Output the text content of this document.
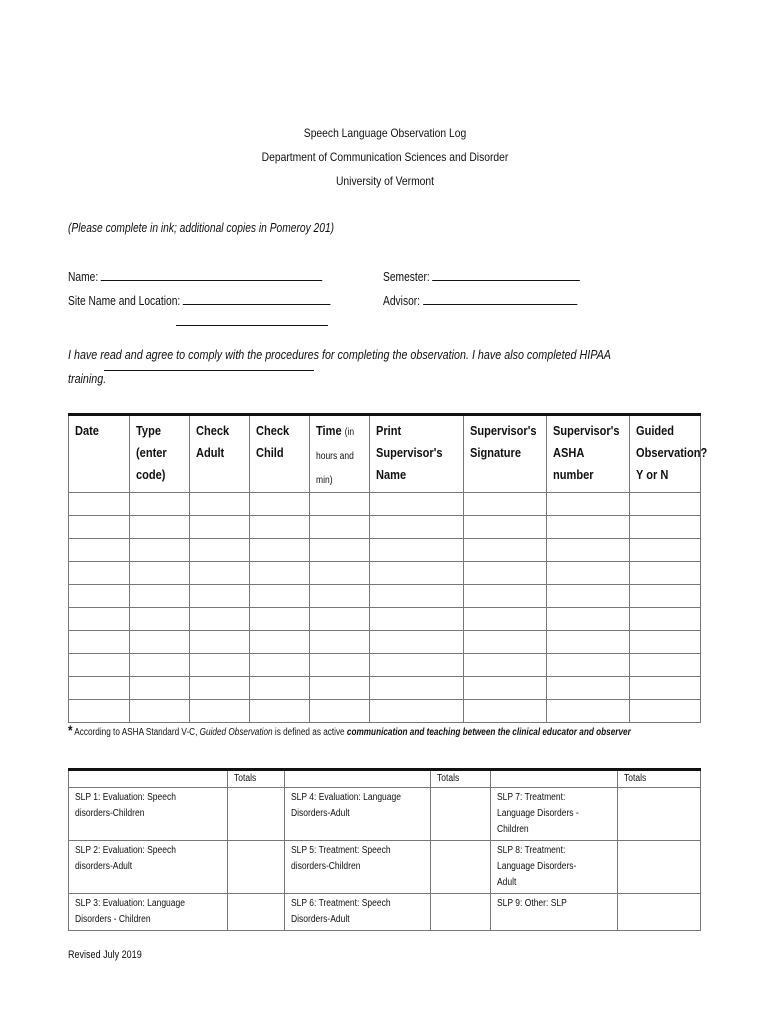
Speech Language Observation Log
Department of Communication Sciences and Disorder
University of Vermont
(Please complete in ink; additional copies in Pomeroy 201)
Name:	Semester:
Site Name and Location:	Advisor:
I have read and agree to comply with the procedures for completing the observation. I have also completed HIPAA training.
Date	Type (enter code)	Check Adult	Check Child	Time (in hours and min)	Print Supervisor's Name	Supervisor's Signature	Supervisor's ASHA number	Guided Observation? Y or N

* According to ASHA Standard V-C, Guided Observation is defined as active communication and teaching between the clinical educator and observer
	Totals		Totals		Totals
SLP 1: Evaluation: Speech disorders-Children		SLP 4: Evaluation: Language Disorders-Adult		SLP 7: Treatment: Language Disorders -Children	
SLP 2: Evaluation: Speech disorders-Adult		SLP 5: Treatment: Speech disorders-Children		SLP 8: Treatment: Language Disorders-Adult	
SLP 3: Evaluation: Language Disorders - Children		SLP 6: Treatment: Speech Disorders-Adult		SLP 9: Other: SLP	
Revised July 2019
